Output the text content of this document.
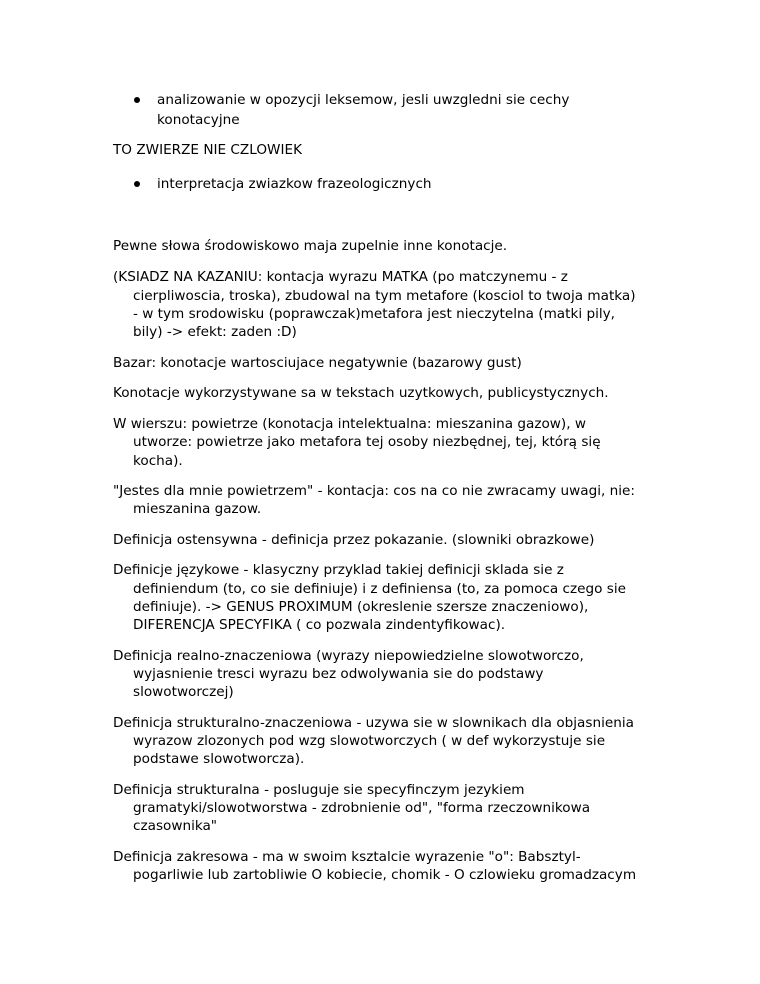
analizowanie w opozycji leksemow, jesli uwzgledni sie cechy
konotacyjne
TO ZWIERZE NIE CZLOWIEK
interpretacja zwiazkow frazeologicznych
Pewne słowa środowiskowo maja zupelnie inne konotacje.
(KSIADZ NA KAZANIU: kontacja wyrazu MATKA (po matczynemu - z
cierpliwoscia, troska), zbudowal na tym metafore (kosciol to twoja matka)
- w tym srodowisku (poprawczak)metafora jest nieczytelna (matki pily,
bily) -> efekt: zaden :D)
Bazar: konotacje wartosciujace negatywnie (bazarowy gust)
Konotacje wykorzystywane sa w tekstach uzytkowych, publicystycznych.
W wierszu: powietrze (konotacja intelektualna: mieszanina gazow), w
utworze: powietrze jako metafora tej osoby niezbędnej, tej, którą się
kocha).
"Jestes dla mnie powietrzem" - kontacja: cos na co nie zwracamy uwagi, nie:
mieszanina gazow.
Definicja ostensywna - definicja przez pokazanie. (slowniki obrazkowe)
Definicje językowe - klasyczny przyklad takiej definicji sklada sie z
definiendum (to, co sie definiuje) i z definiensa (to, za pomoca czego sie
definiuje). -> GENUS PROXIMUM (okreslenie szersze znaczeniowo),
DIFERENCJA SPECYFIKA ( co pozwala zindentyfikowac).
Definicja realno-znaczeniowa (wyrazy niepowiedzielne slowotworczo,
wyjasnienie tresci wyrazu bez odwolywania sie do podstawy
slowotworczej)
Definicja strukturalno-znaczeniowa - uzywa sie w slownikach dla objasnienia
wyrazow zlozonych pod wzg slowotworczych ( w def wykorzystuje sie
podstawe slowotworcza).
Definicja strukturalna - posluguje sie specyfinczym jezykiem
gramatyki/slowotworstwa - zdrobnienie od", "forma rzeczownikowa
czasownika"
Definicja zakresowa - ma w swoim ksztalcie wyrazenie "o": Babsztyl-
pogarliwie lub zartobliwie O kobiecie, chomik - O czlowieku gromadzacym
